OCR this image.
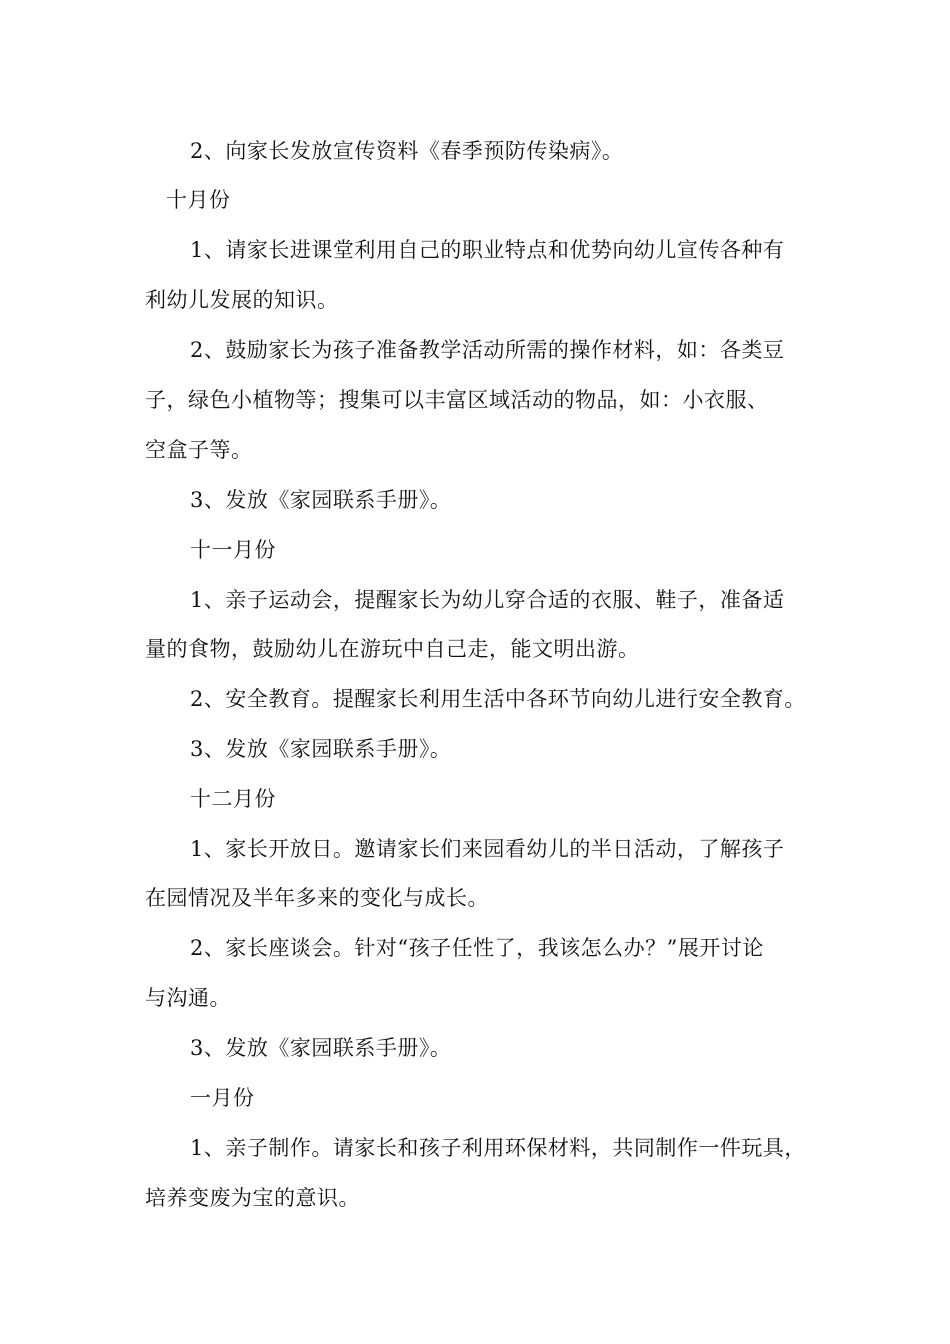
2、向家长发放宣传资料《春季预防传染病》。
十月份
1、请家长进课堂利用自己的职业特点和优势向幼儿宣传各种有
利幼儿发展的知识。
2、鼓励家长为孩子准备教学活动所需的操作材料，如：各类豆
子，绿色小植物等；搜集可以丰富区域活动的物品，如：小衣服、
空盒子等。
3、发放《家园联系手册》。
十一月份
1、亲子运动会，提醒家长为幼儿穿合适的衣服、鞋子，准备适
量的食物，鼓励幼儿在游玩中自己走，能文明出游。
2、安全教育。提醒家长利用生活中各环节向幼儿进行安全教育。
3、发放《家园联系手册》。
十二月份
1、家长开放日。邀请家长们来园看幼儿的半日活动，了解孩子
在园情况及半年多来的变化与成长。
2、家长座谈会。针对“孩子任性了，我该怎么办？”展开讨论
与沟通。
3、发放《家园联系手册》。
一月份
1、亲子制作。请家长和孩子利用环保材料，共同制作一件玩具，
培养变废为宝的意识。
